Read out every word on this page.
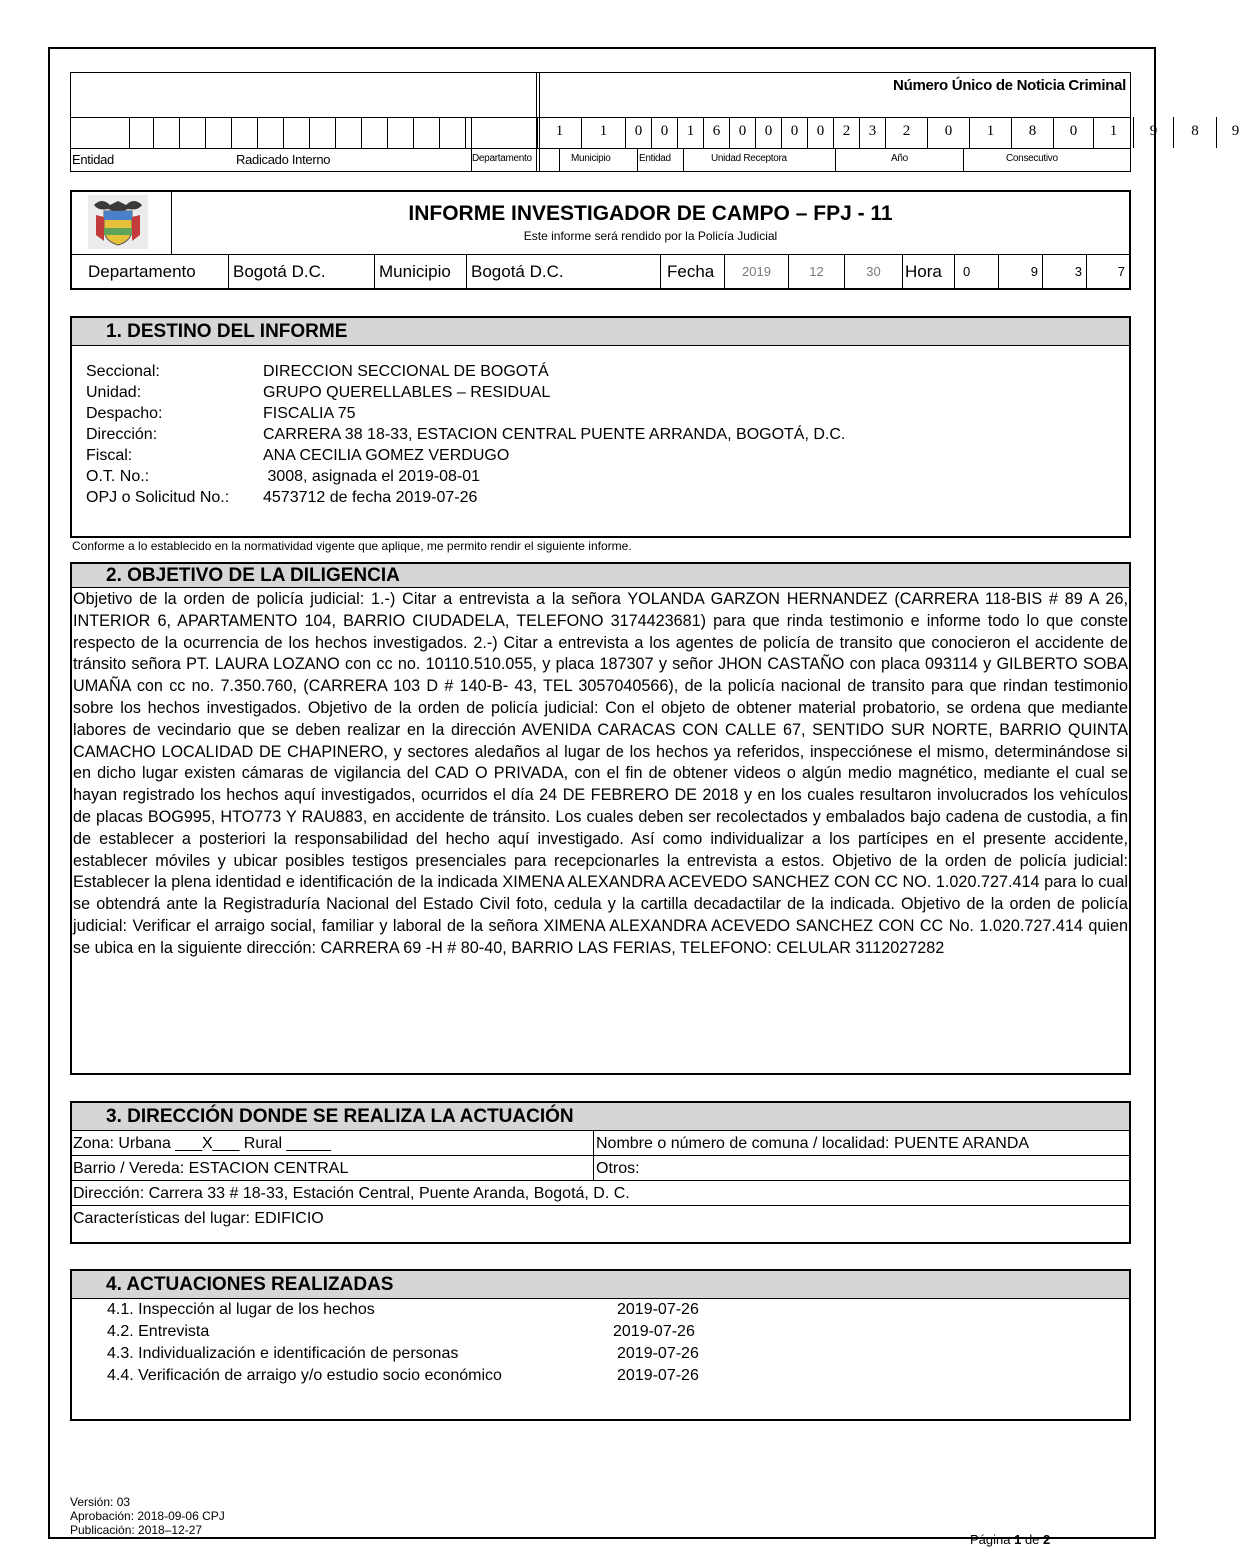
Número Único de Noticia Criminal
1	1	0	0	1	6	0	0	0	0	2	3	2	0	1	8	0	1	9	8	9
Entidad	Radicado Interno	Departamento	Municipio	Entidad	Unidad Receptora	Año	Consecutivo
INFORME INVESTIGADOR DE CAMPO – FPJ - 11
Este informe será rendido por la Policía Judicial
Departamento	Bogotá D.C.	Municipio	Bogotá D.C.	Fecha	2019	12	30	Hora	0	9	3	7
1. DESTINO DEL INFORME
Seccional:	DIRECCION SECCIONAL DE BOGOTÁ
Unidad:	GRUPO QUERELLABLES – RESIDUAL
Despacho:	FISCALIA 75
Dirección:	CARRERA 38 18-33, ESTACION CENTRAL PUENTE ARRANDA, BOGOTÁ, D.C.
Fiscal:	ANA CECILIA GOMEZ VERDUGO
O.T. No.:	3008, asignada el 2019-08-01
OPJ o Solicitud No.: 4573712 de fecha 2019-07-26
Conforme a lo establecido en la normatividad vigente que aplique, me permito rendir el siguiente informe.
2. OBJETIVO DE LA DILIGENCIA
Objetivo de la orden de policía judicial: 1.-) Citar a entrevista a la señora YOLANDA GARZON HERNANDEZ (CARRERA 118-BIS # 89 A 26, INTERIOR 6, APARTAMENTO 104, BARRIO CIUDADELA, TELEFONO 3174423681) para que rinda testimonio e informe todo lo que conste respecto de la ocurrencia de los hechos investigados. 2.-) Citar a entrevista a los agentes de policía de transito que conocieron el accidente de tránsito señora PT. LAURA LOZANO con cc no. 10110.510.055, y placa 187307 y señor JHON CASTAÑO con placa 093114 y GILBERTO SOBA UMAÑA con cc no. 7.350.760, (CARRERA 103 D # 140-B- 43, TEL 3057040566), de la policía nacional de transito para que rindan testimonio sobre los hechos investigados. Objetivo de la orden de policía judicial: Con el objeto de obtener material probatorio, se ordena que mediante labores de vecindario que se deben realizar en la dirección AVENIDA CARACAS CON CALLE 67, SENTIDO SUR NORTE, BARRIO QUINTA CAMACHO LOCALIDAD DE CHAPINERO, y sectores aledaños al lugar de los hechos ya referidos, inspecciónese el mismo, determinándose si en dicho lugar existen cámaras de vigilancia del CAD O PRIVADA, con el fin de obtener videos o algún medio magnético, mediante el cual se hayan registrado los hechos aquí investigados, ocurridos el día 24 DE FEBRERO DE 2018 y en los cuales resultaron involucrados los vehículos de placas BOG995, HTO773 Y RAU883, en accidente de tránsito. Los cuales deben ser recolectados y embalados bajo cadena de custodia, a fin de establecer a posteriori la responsabilidad del hecho aquí investigado. Así como individualizar a los partícipes en el presente accidente, establecer móviles y ubicar posibles testigos presenciales para recepcionarles la entrevista a estos. Objetivo de la orden de policía judicial: Establecer la plena identidad e identificación de la indicada XIMENA ALEXANDRA ACEVEDO SANCHEZ CON CC NO. 1.020.727.414 para lo cual se obtendrá ante la Registraduría Nacional del Estado Civil foto, cedula y la cartilla decadactilar de la indicada. Objetivo de la orden de policía judicial: Verificar el arraigo social, familiar y laboral de la señora XIMENA ALEXANDRA ACEVEDO SANCHEZ CON CC No. 1.020.727.414 quien se ubica en la siguiente dirección: CARRERA 69 -H # 80-40, BARRIO LAS FERIAS, TELEFONO: CELULAR 3112027282
3. DIRECCIÓN DONDE SE REALIZA LA ACTUACIÓN
Zona: Urbana ___X___ Rural _____	Nombre o número de comuna / localidad: PUENTE ARANDA
Barrio / Vereda: ESTACION CENTRAL	Otros:
Dirección: Carrera 33 # 18-33, Estación Central, Puente Aranda, Bogotá, D. C.
Características del lugar: EDIFICIO
4. ACTUACIONES REALIZADAS
4.1. Inspección al lugar de los hechos	2019-07-26
4.2. Entrevista	2019-07-26
4.3. Individualización e identificación de personas	2019-07-26
4.4. Verificación de arraigo y/o estudio socio económico	2019-07-26
Versión: 03
Aprobación: 2018-09-06 CPJ
Publicación: 2018–12-27
Página 1 de 2
